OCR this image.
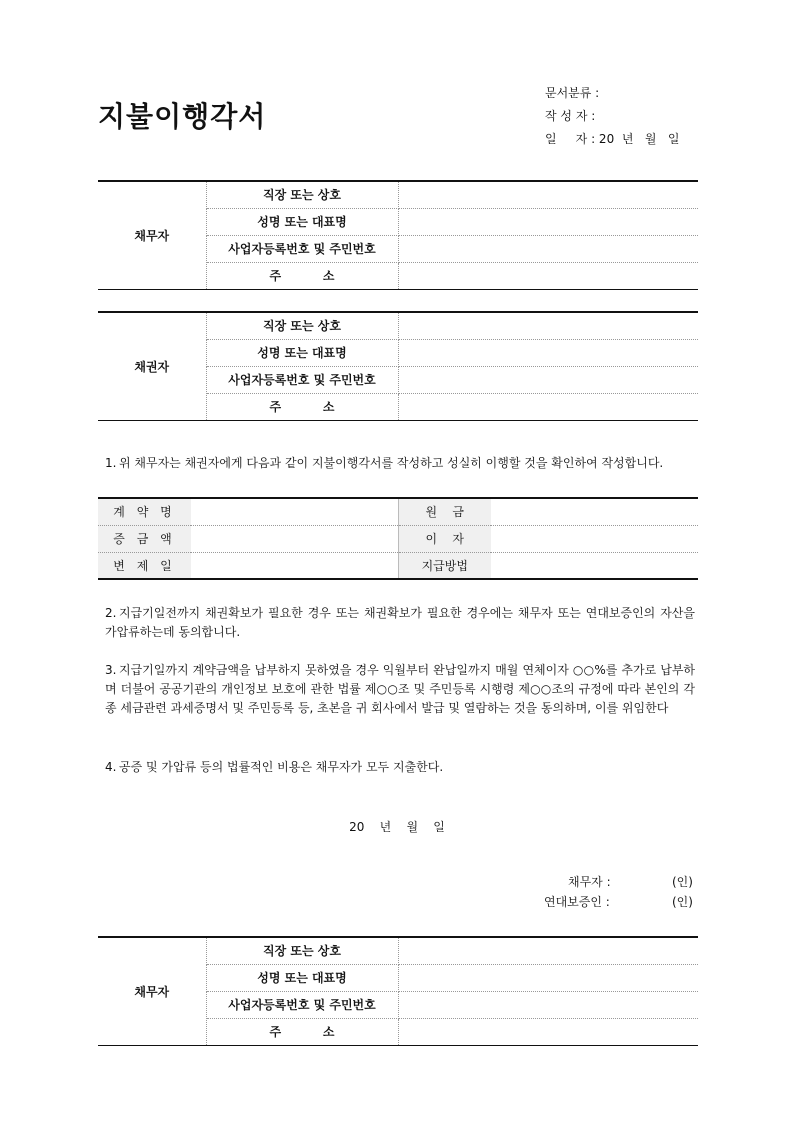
지불이행각서
문서분류 :
작 성 자 :
일     자 : 20  년   월   일
채무자	직장 또는 상호	
	성명 또는 대표명	
	사업자등록번호 및 주민번호	
	주          소	
채권자	직장 또는 상호	
	성명 또는 대표명	
	사업자등록번호 및 주민번호	
	주          소	
1. 위 채무자는 채권자에게 다음과 같이 지불이행각서를 작성하고 성실히 이행할 것을 확인하여 작성합니다.
계 약 명		원    금	
증 금 액		이    자	
변 제 일		지급방법	
2. 지급기일전까지 채권확보가 필요한 경우 또는 채권확보가 필요한 경우에는 채무자 또는 연대보증인의 자산을 가압류하는데 동의합니다.
3. 지급기일까지 계약금액을 납부하지 못하였을 경우 익월부터 완납일까지 매월 연체이자 ○○%를 추가로 납부하며 더불어 공공기관의 개인정보 보호에 관한 법률 제○○조 및 주민등록 시행령 제○○조의 규정에 따라 본인의 각종 세금관련 과세증명서 및 주민등록 등, 초본을 귀 회사에서 발급 및 열람하는 것을 동의하며, 이를 위임한다
4. 공증 및 가압류 등의 법률적인 비용은 채무자가 모두 지출한다.
20    년    월    일
채무자 :	(인)
연대보증인 :	(인)
채무자	직장 또는 상호	
	성명 또는 대표명	
	사업자등록번호 및 주민번호	
	주          소	
